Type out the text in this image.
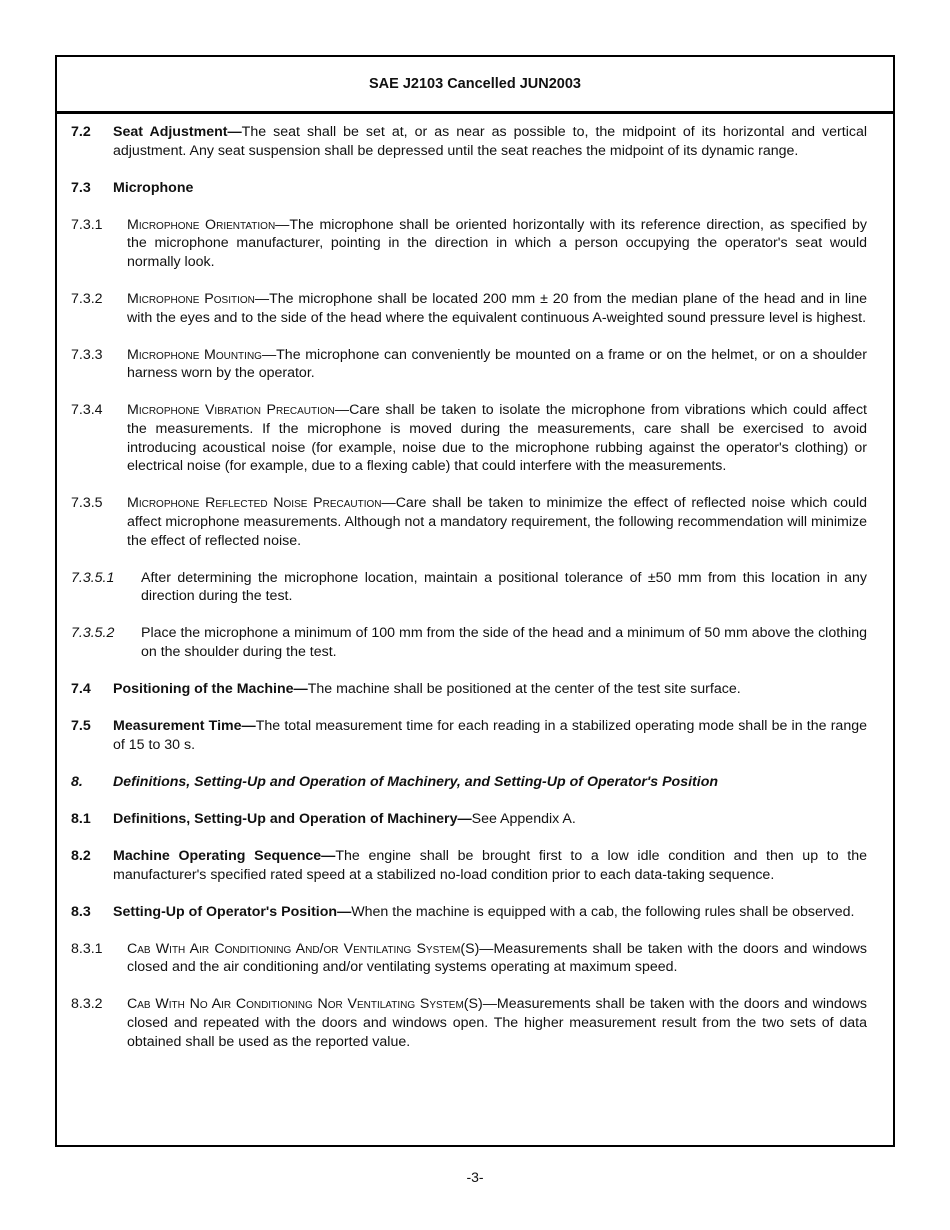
SAE J2103 Cancelled JUN2003
7.2	Seat Adjustment—The seat shall be set at, or as near as possible to, the midpoint of its horizontal and vertical adjustment. Any seat suspension shall be depressed until the seat reaches the midpoint of its dynamic range.
7.3	Microphone
7.3.1	Microphone Orientation—The microphone shall be oriented horizontally with its reference direction, as specified by the microphone manufacturer, pointing in the direction in which a person occupying the operator's seat would normally look.
7.3.2	Microphone Position—The microphone shall be located 200 mm ± 20 from the median plane of the head and in line with the eyes and to the side of the head where the equivalent continuous A-weighted sound pressure level is highest.
7.3.3	Microphone Mounting—The microphone can conveniently be mounted on a frame or on the helmet, or on a shoulder harness worn by the operator.
7.3.4	Microphone Vibration Precaution—Care shall be taken to isolate the microphone from vibrations which could affect the measurements. If the microphone is moved during the measurements, care shall be exercised to avoid introducing acoustical noise (for example, noise due to the microphone rubbing against the operator's clothing) or electrical noise (for example, due to a flexing cable) that could interfere with the measurements.
7.3.5	Microphone Reflected Noise Precaution—Care shall be taken to minimize the effect of reflected noise which could affect microphone measurements. Although not a mandatory requirement, the following recommendation will minimize the effect of reflected noise.
7.3.5.1	After determining the microphone location, maintain a positional tolerance of ±50 mm from this location in any direction during the test.
7.3.5.2	Place the microphone a minimum of 100 mm from the side of the head and a minimum of 50 mm above the clothing on the shoulder during the test.
7.4	Positioning of the Machine—The machine shall be positioned at the center of the test site surface.
7.5	Measurement Time—The total measurement time for each reading in a stabilized operating mode shall be in the range of 15 to 30 s.
8.	Definitions, Setting-Up and Operation of Machinery, and Setting-Up of Operator's Position
8.1	Definitions, Setting-Up and Operation of Machinery—See Appendix A.
8.2	Machine Operating Sequence—The engine shall be brought first to a low idle condition and then up to the manufacturer's specified rated speed at a stabilized no-load condition prior to each data-taking sequence.
8.3	Setting-Up of Operator's Position—When the machine is equipped with a cab, the following rules shall be observed.
8.3.1	Cab With Air Conditioning And/or Ventilating System(S)—Measurements shall be taken with the doors and windows closed and the air conditioning and/or ventilating systems operating at maximum speed.
8.3.2	Cab With No Air Conditioning Nor Ventilating System(S)—Measurements shall be taken with the doors and windows closed and repeated with the doors and windows open. The higher measurement result from the two sets of data obtained shall be used as the reported value.
-3-
